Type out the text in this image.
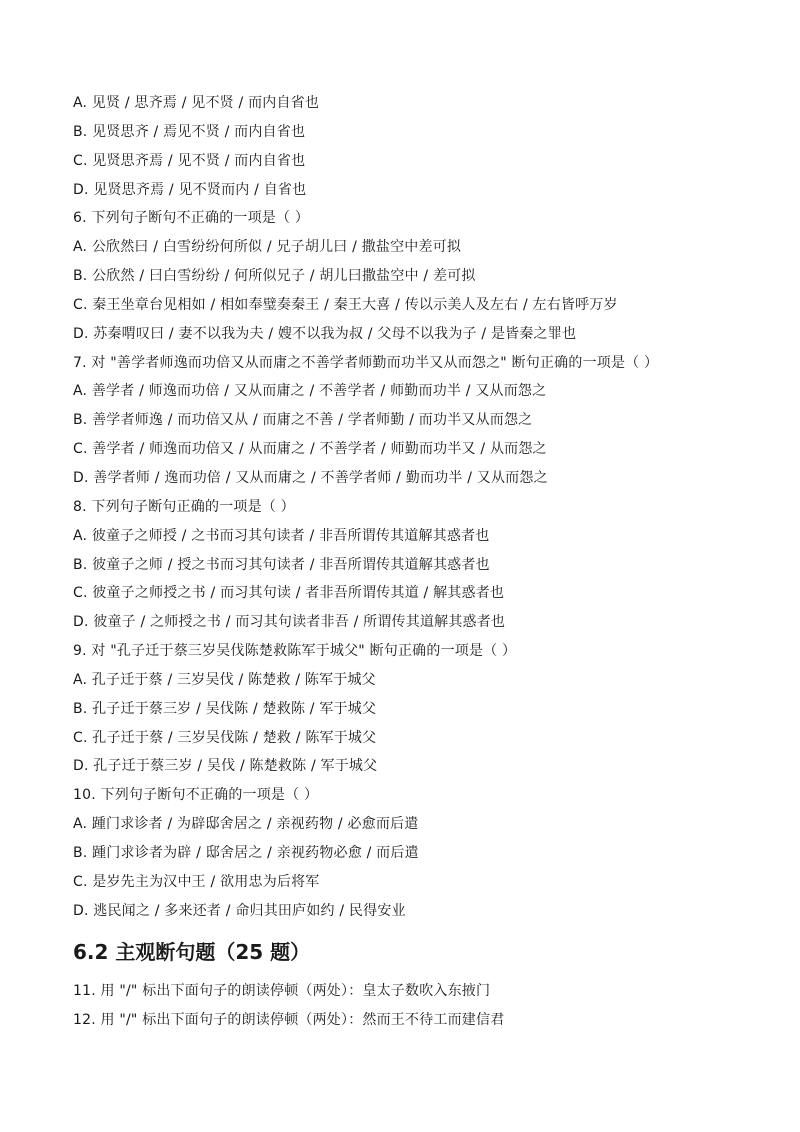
A. 见贤 / 思齐焉 / 见不贤 / 而内自省也
B. 见贤思齐 / 焉见不贤 / 而内自省也
C. 见贤思齐焉 / 见不贤 / 而内自省也
D. 见贤思齐焉 / 见不贤而内 / 自省也
6. 下列句子断句不正确的一项是（ ）
A. 公欣然曰 / 白雪纷纷何所似 / 兄子胡儿曰 / 撒盐空中差可拟
B. 公欣然 / 曰白雪纷纷 / 何所似兄子 / 胡儿曰撒盐空中 / 差可拟
C. 秦王坐章台见相如 / 相如奉璧奏秦王 / 秦王大喜 / 传以示美人及左右 / 左右皆呼万岁
D. 苏秦喟叹曰 / 妻不以我为夫 / 嫂不以我为叔 / 父母不以我为子 / 是皆秦之罪也
7. 对 "善学者师逸而功倍又从而庸之不善学者师勤而功半又从而怨之" 断句正确的一项是（ ）
A. 善学者 / 师逸而功倍 / 又从而庸之 / 不善学者 / 师勤而功半 / 又从而怨之
B. 善学者师逸 / 而功倍又从 / 而庸之不善 / 学者师勤 / 而功半又从而怨之
C. 善学者 / 师逸而功倍又 / 从而庸之 / 不善学者 / 师勤而功半又 / 从而怨之
D. 善学者师 / 逸而功倍 / 又从而庸之 / 不善学者师 / 勤而功半 / 又从而怨之
8. 下列句子断句正确的一项是（ ）
A. 彼童子之师授 / 之书而习其句读者 / 非吾所谓传其道解其惑者也
B. 彼童子之师 / 授之书而习其句读者 / 非吾所谓传其道解其惑者也
C. 彼童子之师授之书 / 而习其句读 / 者非吾所谓传其道 / 解其惑者也
D. 彼童子 / 之师授之书 / 而习其句读者非吾 / 所谓传其道解其惑者也
9. 对 "孔子迁于蔡三岁吴伐陈楚救陈军于城父" 断句正确的一项是（ ）
A. 孔子迁于蔡 / 三岁吴伐 / 陈楚救 / 陈军于城父
B. 孔子迁于蔡三岁 / 吴伐陈 / 楚救陈 / 军于城父
C. 孔子迁于蔡 / 三岁吴伐陈 / 楚救 / 陈军于城父
D. 孔子迁于蔡三岁 / 吴伐 / 陈楚救陈 / 军于城父
10. 下列句子断句不正确的一项是（ ）
A. 踵门求诊者 / 为辟邸舍居之 / 亲视药物 / 必愈而后遣
B. 踵门求诊者为辟 / 邸舍居之 / 亲视药物必愈 / 而后遣
C. 是岁先主为汉中王 / 欲用忠为后将军
D. 逃民闻之 / 多来还者 / 命归其田庐如约 / 民得安业
6.2 主观断句题（25 题）
11. 用 "/" 标出下面句子的朗读停顿（两处）：皇太子数吹入东掖门
12. 用 "/" 标出下面句子的朗读停顿（两处）：然而王不待工而建信君
